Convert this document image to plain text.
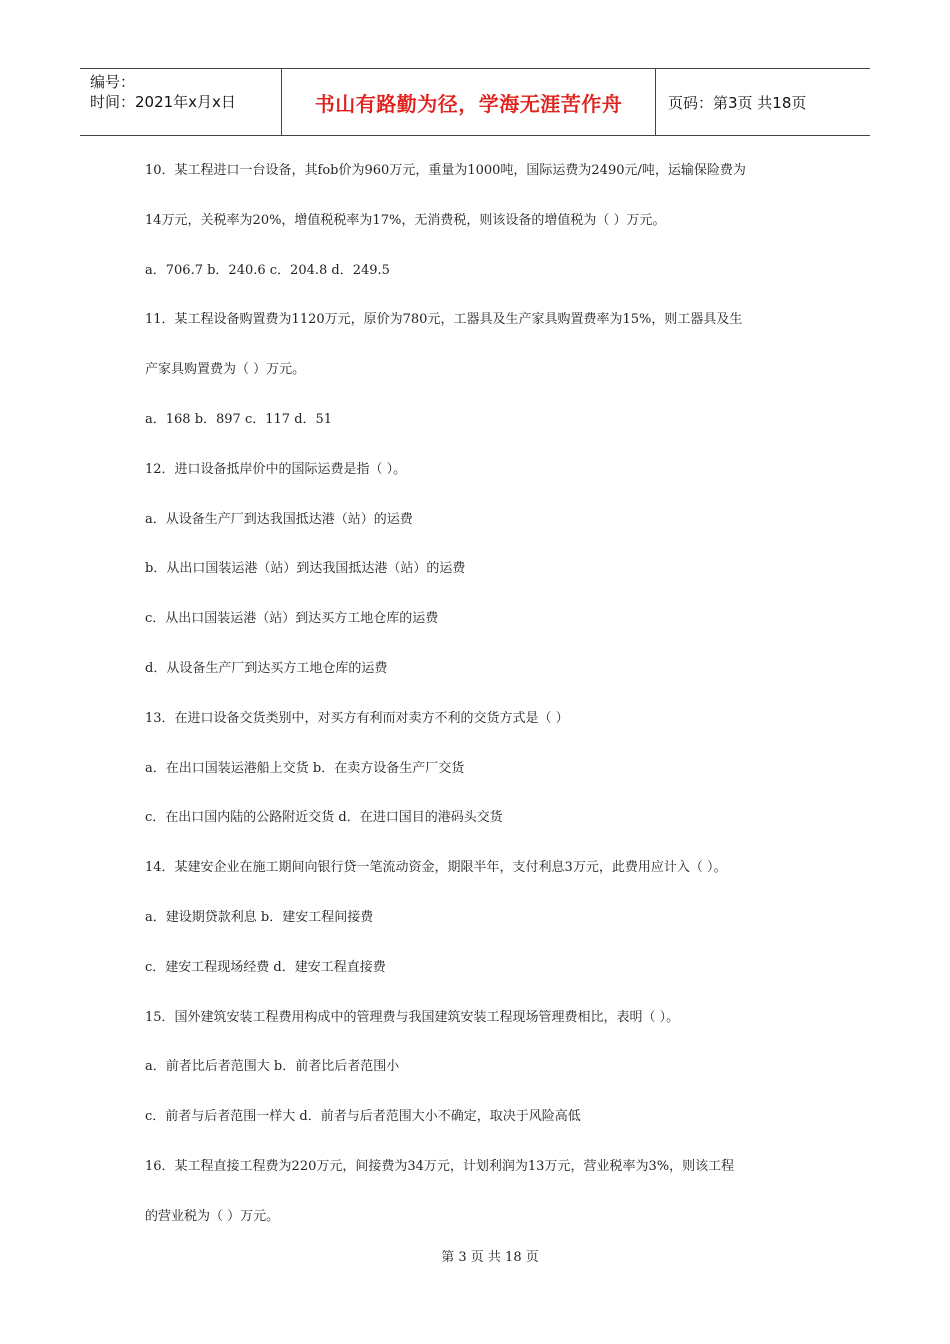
编号：
时间：2021年x月x日	书山有路勤为径，学海无涯苦作舟	页码：第3页 共18页
10．某工程进口一台设备，其fob价为960万元，重量为1000吨，国际运费为2490元/吨，运输保险费为
14万元，关税率为20%，增值税税率为17%，无消费税，则该设备的增值税为（ ）万元。
a．706.7 b．240.6 c．204.8 d．249.5
11．某工程设备购置费为1120万元，原价为780元，工器具及生产家具购置费率为15%，则工器具及生
产家具购置费为（ ）万元。
a．168 b．897 c．117 d．51
12．进口设备抵岸价中的国际运费是指（ ）。
a．从设备生产厂到达我国抵达港（站）的运费
b．从出口国装运港（站）到达我国抵达港（站）的运费
c．从出口国装运港（站）到达买方工地仓库的运费
d．从设备生产厂到达买方工地仓库的运费
13．在进口设备交货类别中，对买方有利而对卖方不利的交货方式是（ ）
a．在出口国装运港船上交货 b．在卖方设备生产厂交货
c．在出口国内陆的公路附近交货 d．在进口国目的港码头交货
14．某建安企业在施工期间向银行贷一笔流动资金，期限半年，支付利息3万元，此费用应计入（ ）。
a．建设期贷款利息 b．建安工程间接费
c．建安工程现场经费 d．建安工程直接费
15．国外建筑安装工程费用构成中的管理费与我国建筑安装工程现场管理费相比，表明（ ）。
a．前者比后者范围大 b．前者比后者范围小
c．前者与后者范围一样大 d．前者与后者范围大小不确定，取决于风险高低
16．某工程直接工程费为220万元，间接费为34万元，计划利润为13万元，营业税率为3%，则该工程
的营业税为（ ）万元。
第 3 页 共 18 页
